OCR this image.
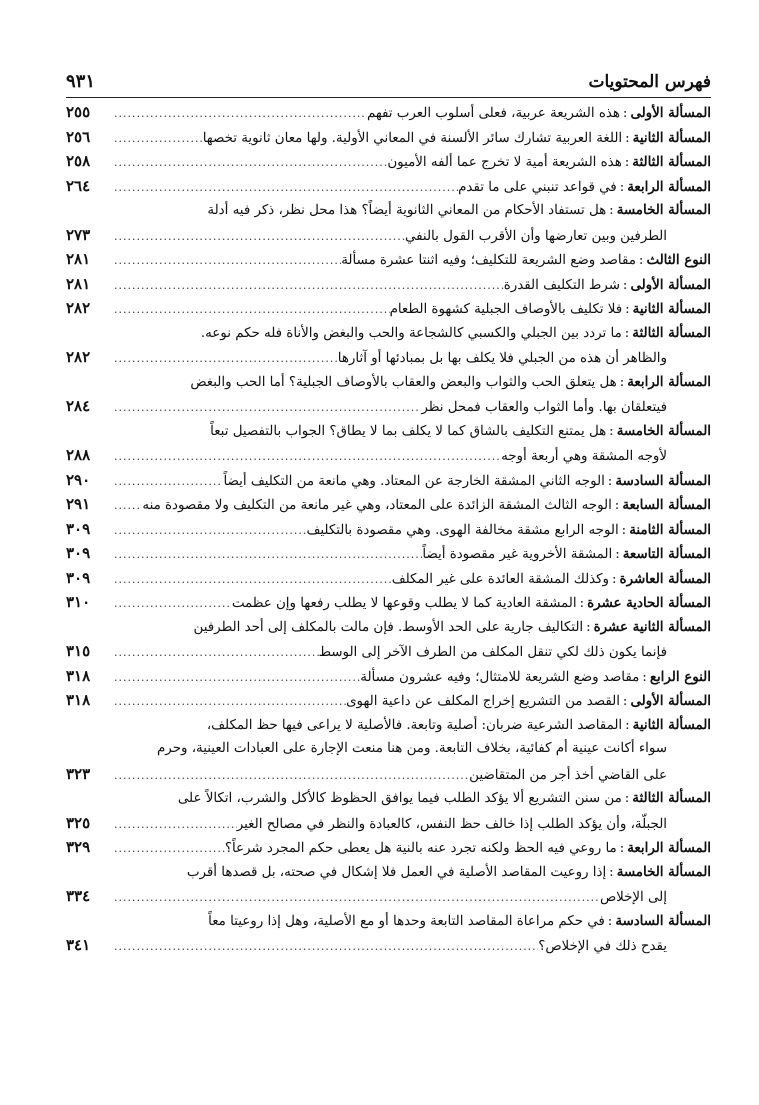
فهرس المحتويات
٩٣١
المسألة الأولى
:
هذه الشريعة عربية، فعلى أسلوب العرب تفهم
.....
٢٥٥
المسألة الثانية
:
اللغة العربية تشارك سائر الألسنة في المعاني الأولية. ولها معان ثانوية تخصها
.....
٢٥٦
المسألة الثالثة
:
هذه الشريعة أمية لا تخرج عما ألفه الأميون
.....
٢٥٨
المسألة الرابعة
:
في قواعد تنبني على ما تقدم
.....
٢٦٤
المسألة الخامسة
:
هل تستفاد الأحكام من المعاني الثانوية أيضاً؟ هذا محل نظر، ذكر فيه أدلة
الطرفين وبين تعارضها وأن الأقرب القول بالنفي
.....
٢٧٣
النوع الثالث
:
مقاصد وضع الشريعة للتكليف؛ وفيه اثنتا عشرة مسألة
.....
٢٨١
المسألة الأولى
:
شرط التكليف القدرة
.....
٢٨١
المسألة الثانية
:
فلا تكليف بالأوصاف الجبلية كشهوة الطعام
.....
٢٨٢
المسألة الثالثة
:
ما تردد بين الجبلي والكسبي كالشجاعة والحب والبغض والأناة فله حكم نوعه.
والظاهر أن هذه من الجبلي فلا يكلف بها بل بمبادئها أو آثارها
.....
٢٨٢
المسألة الرابعة
:
هل يتعلق الحب والثواب والبعض والعقاب بالأوصاف الجبلية؟ أما الحب والبغض
فيتعلقان بها. وأما الثواب والعقاب فمحل نظر
.....
٢٨٤
المسألة الخامسة
:
هل يمتنع التكليف بالشاق كما لا يكلف بما لا يطاق؟ الجواب بالتفصيل تبعاً
لأوجه المشقة وهي أربعة أوجه
.....
٢٨٨
المسألة السادسة
:
الوجه الثاني المشقة الخارجة عن المعتاد. وهي مانعة من التكليف أيضاً
.....
٢٩٠
المسألة السابعة
:
الوجه الثالث المشقة الزائدة على المعتاد، وهي غير مانعة من التكليف ولا مقصودة منه
.....
٢٩١
المسألة الثامنة
:
الوجه الرابع مشقة مخالفة الهوى. وهي مقصودة بالتكليف
.....
٣٠٩
المسألة التاسعة
:
المشقة الأخروية غير مقصودة أيضاً
.....
٣٠٩
المسألة العاشرة
:
وكذلك المشقة العائدة على غير المكلف
.....
٣٠٩
المسألة الحادية عشرة
:
المشقة العادية كما لا يطلب وقوعها لا يطلب رفعها وإن عظمت
.....
٣١٠
المسألة الثانية عشرة
:
التكاليف جارية على الحد الأوسط. فإن مالت بالمكلف إلى أحد الطرفين
فإنما يكون ذلك لكي تنقل المكلف من الطرف الآخر إلى الوسط
.....
٣١٥
النوع الرابع
:
مقاصد وضع الشريعة للامتثال؛ وفيه عشرون مسألة
.....
٣١٨
المسألة الأولى
:
القصد من التشريع إخراج المكلف عن داعية الهوى
.....
٣١٨
المسألة الثانية
:
المقاصد الشرعية ضربان: أصلية وتابعة. فالأصلية لا يراعى فيها حظ المكلف،
سواء أكانت عينية أم كفائية، بخلاف التابعة. ومن هنا منعت الإجارة على العبادات العينية، وحرم
على القاضي أخذ أجر من المتقاضين
.....
٣٢٣
المسألة الثالثة
:
من سنن التشريع ألا يؤكد الطلب فيما يوافق الحظوظ كالأكل والشرب، اتكالاً على
الجبلّة، وأن يؤكد الطلب إذا خالف حظ النفس، كالعبادة والنظر في مصالح الغير
.....
٣٢٥
المسألة الرابعة
:
ما روعي فيه الحظ ولكنه تجرد عنه بالنية هل يعطى حكم المجرد شرعاً؟
.....
٣٢٩
المسألة الخامسة
:
إذا روعيت المقاصد الأصلية في العمل فلا إشكال في صحته، بل قصدها أقرب
إلى الإخلاص
.....
٣٣٤
المسألة السادسة
:
في حكم مراعاة المقاصد التابعة وحدها أو مع الأصلية، وهل إذا روعيتا معاً
يقدح ذلك في الإخلاص؟
.....
٣٤١
